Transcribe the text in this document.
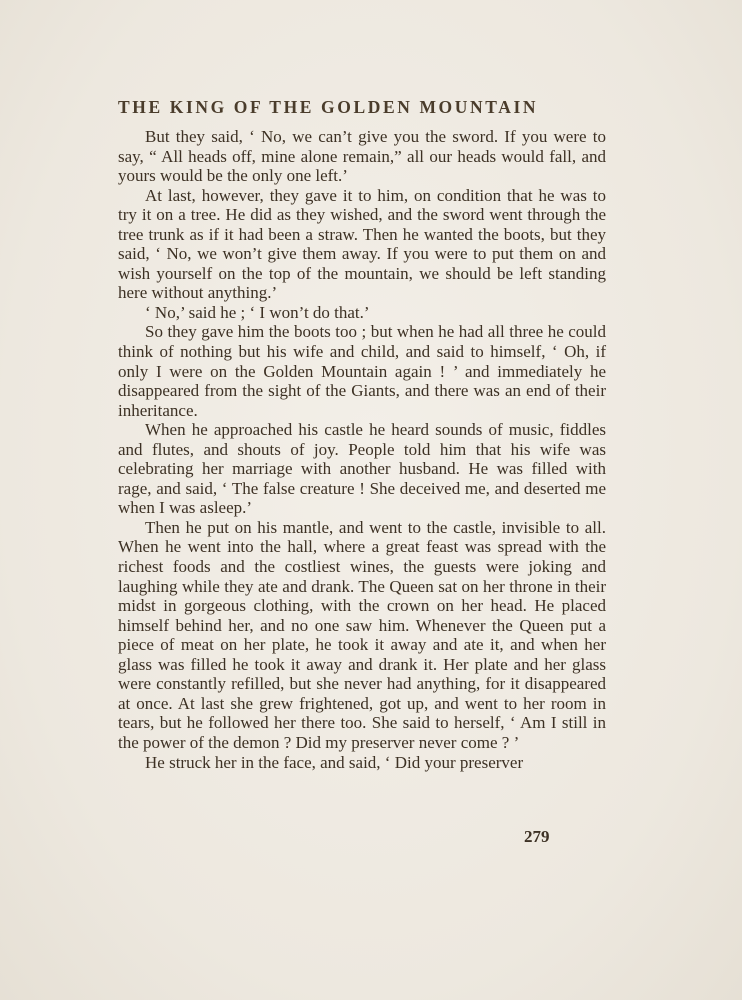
THE KING OF THE GOLDEN MOUNTAIN

But they said, ‘ No, we can’t give you the sword. If you were to say, “ All heads off, mine alone remain,” all our heads would fall, and yours would be the only one left.’

At last, however, they gave it to him, on condition that he was to try it on a tree. He did as they wished, and the sword went through the tree trunk as if it had been a straw. Then he wanted the boots, but they said, ‘ No, we won’t give them away. If you were to put them on and wish yourself on the top of the mountain, we should be left standing here without anything.’

‘ No,’ said he ; ‘ I won’t do that.’

So they gave him the boots too ; but when he had all three he could think of nothing but his wife and child, and said to himself, ‘ Oh, if only I were on the Golden Mountain again ! ’ and immediately he disappeared from the sight of the Giants, and there was an end of their inheritance.

When he approached his castle he heard sounds of music, fiddles and flutes, and shouts of joy. People told him that his wife was celebrating her marriage with another husband. He was filled with rage, and said, ‘ The false creature ! She deceived me, and deserted me when I was asleep.’

Then he put on his mantle, and went to the castle, invisible to all. When he went into the hall, where a great feast was spread with the richest foods and the costliest wines, the guests were joking and laughing while they ate and drank. The Queen sat on her throne in their midst in gorgeous clothing, with the crown on her head. He placed himself behind her, and no one saw him. Whenever the Queen put a piece of meat on her plate, he took it away and ate it, and when her glass was filled he took it away and drank it. Her plate and her glass were constantly refilled, but she never had anything, for it disappeared at once. At last she grew frightened, got up, and went to her room in tears, but he followed her there too. She said to herself, ‘ Am I still in the power of the demon ? Did my preserver never come ? ’

He struck her in the face, and said, ‘ Did your preserver

279
